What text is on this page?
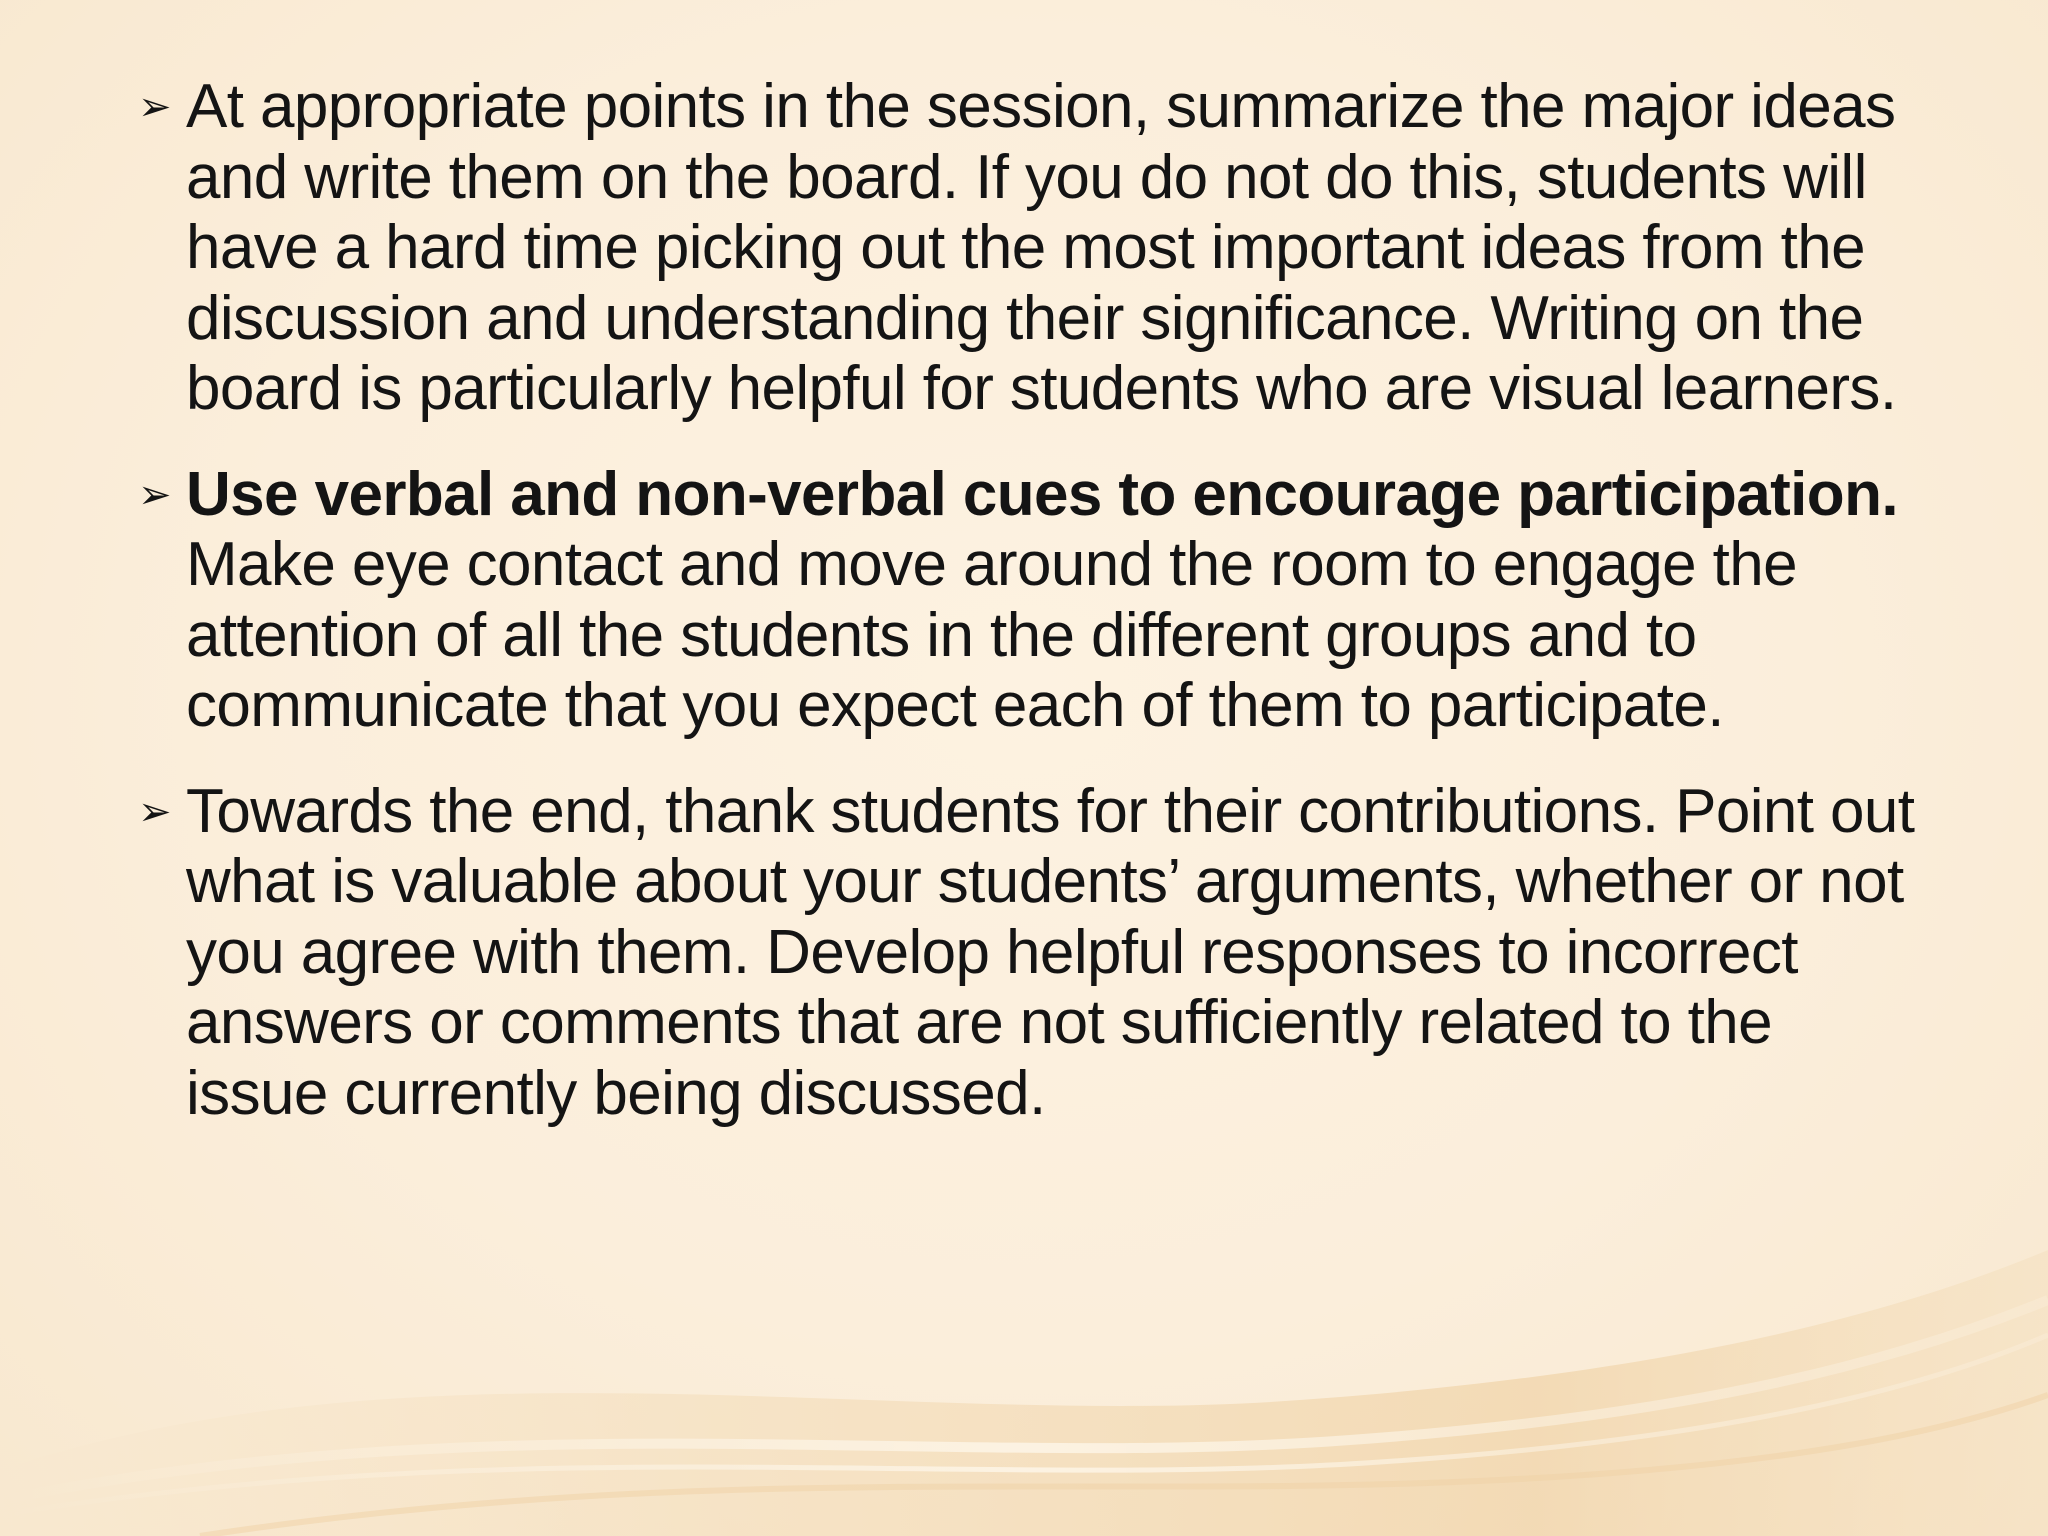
➢ At appropriate points in the session, summarize the major ideas and write them on the board. If you do not do this, students will have a hard time picking out the most important ideas from the discussion and understanding their significance. Writing on the board is particularly helpful for students who are visual learners.
➢ Use verbal and non-verbal cues to encourage participation. Make eye contact and move around the room to engage the attention of all the students in the different groups and to communicate that you expect each of them to participate.
➢ Towards the end, thank students for their contributions. Point out what is valuable about your students’ arguments, whether or not you agree with them. Develop helpful responses to incorrect answers or comments that are not sufficiently related to the issue currently being discussed.
